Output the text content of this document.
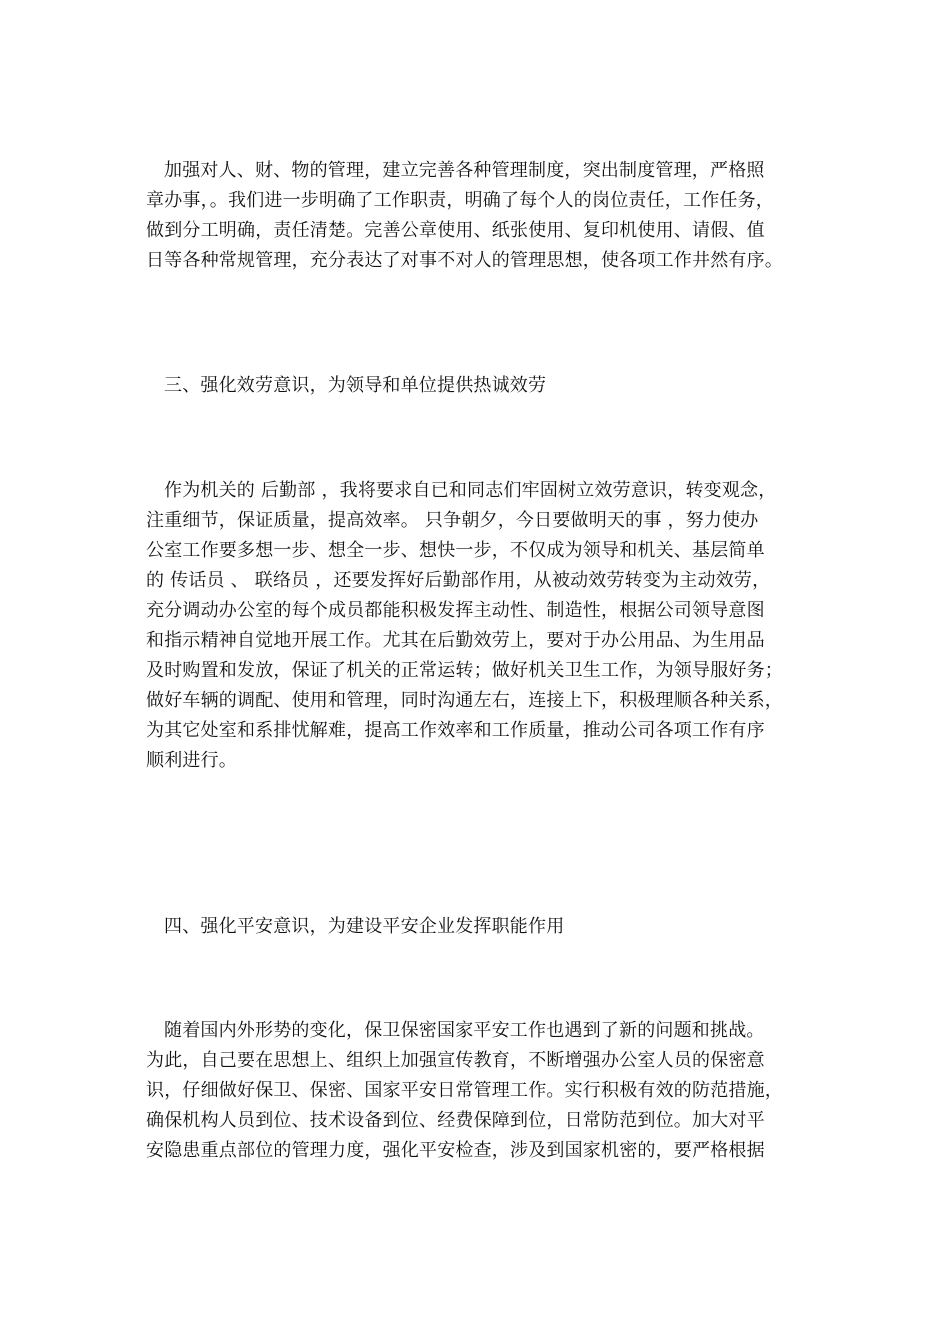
加强对人、财、物的管理，建立完善各种管理制度，突出制度管理，严格照
章办事，。我们进一步明确了工作职责，明确了每个人的岗位责任，工作任务，
做到分工明确，责任清楚。完善公章使用、纸张使用、复印机使用、请假、值
日等各种常规管理，充分表达了对事不对人的管理思想，使各项工作井然有序。

三、强化效劳意识，为领导和单位提供热诚效劳

作为机关的 后勤部 ，我将要求自已和同志们牢固树立效劳意识，转变观念，
注重细节，保证质量，提高效率。 只争朝夕，今日要做明天的事 ，努力使办
公室工作要多想一步、想全一步、想快一步，不仅成为领导和机关、基层简单
的 传话员 、 联络员 ，还要发挥好后勤部作用，从被动效劳转变为主动效劳，
充分调动办公室的每个成员都能积极发挥主动性、制造性，根据公司领导意图
和指示精神自觉地开展工作。尤其在后勤效劳上，要对于办公用品、为生用品
及时购置和发放，保证了机关的正常运转；做好机关卫生工作，为领导服好务；
做好车辆的调配、使用和管理，同时沟通左右，连接上下，积极理顺各种关系，
为其它处室和系排忧解难，提高工作效率和工作质量，推动公司各项工作有序
顺利进行。

四、强化平安意识，为建设平安企业发挥职能作用

随着国内外形势的变化，保卫保密国家平安工作也遇到了新的问题和挑战。
为此，自己要在思想上、组织上加强宣传教育，不断增强办公室人员的保密意
识，仔细做好保卫、保密、国家平安日常管理工作。实行积极有效的防范措施，
确保机构人员到位、技术设备到位、经费保障到位，日常防范到位。加大对平
安隐患重点部位的管理力度，强化平安检查，涉及到国家机密的，要严格根据
